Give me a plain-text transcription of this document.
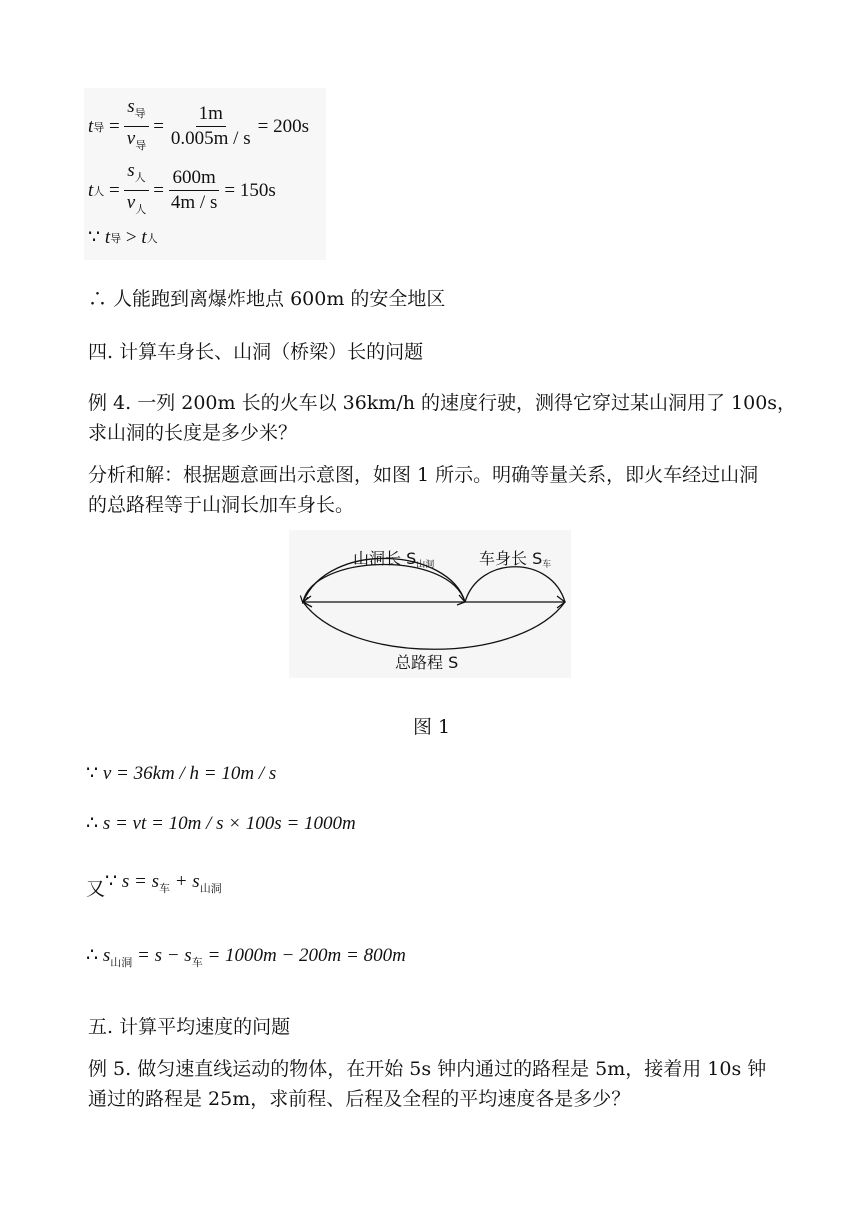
t 导 = $\frac{s_导}{v_导} = \frac{1m}{0.005m / s} = 200s$
t 人 = $\frac{s_人}{v_人} = \frac{600m}{4m / s} = 150s$
∵
t 导
>
t 人
∴ 人能跑到离爆炸地点 600m 的安全地区
四. 计算车身长、山洞（桥梁）长的问题
例 4. 一列 200m 长的火车以 36km/h 的速度行驶，测得它穿过某山洞用了 100s，
求山洞的长度是多少米？
分析和解：根据题意画出示意图，如图 1 所示。明确等量关系，即火车经过山洞
的总路程等于山洞长加车身长。
山洞长 $S_{山洞}$	车身长 $S_车$
总路程 S
图 1
∵ v = 36km / h = 10m / s
∴ s = vt = 10m / s × 100s = 1000m
又∵ $s = s_车 + s_{山洞}$
∴ $s_{山洞} = s - s_车 = 1000m - 200m = 800m$
五. 计算平均速度的问题
例 5. 做匀速直线运动的物体，在开始 5s 钟内通过的路程是 5m，接着用 10s 钟
通过的路程是 25m，求前程、后程及全程的平均速度各是多少？
